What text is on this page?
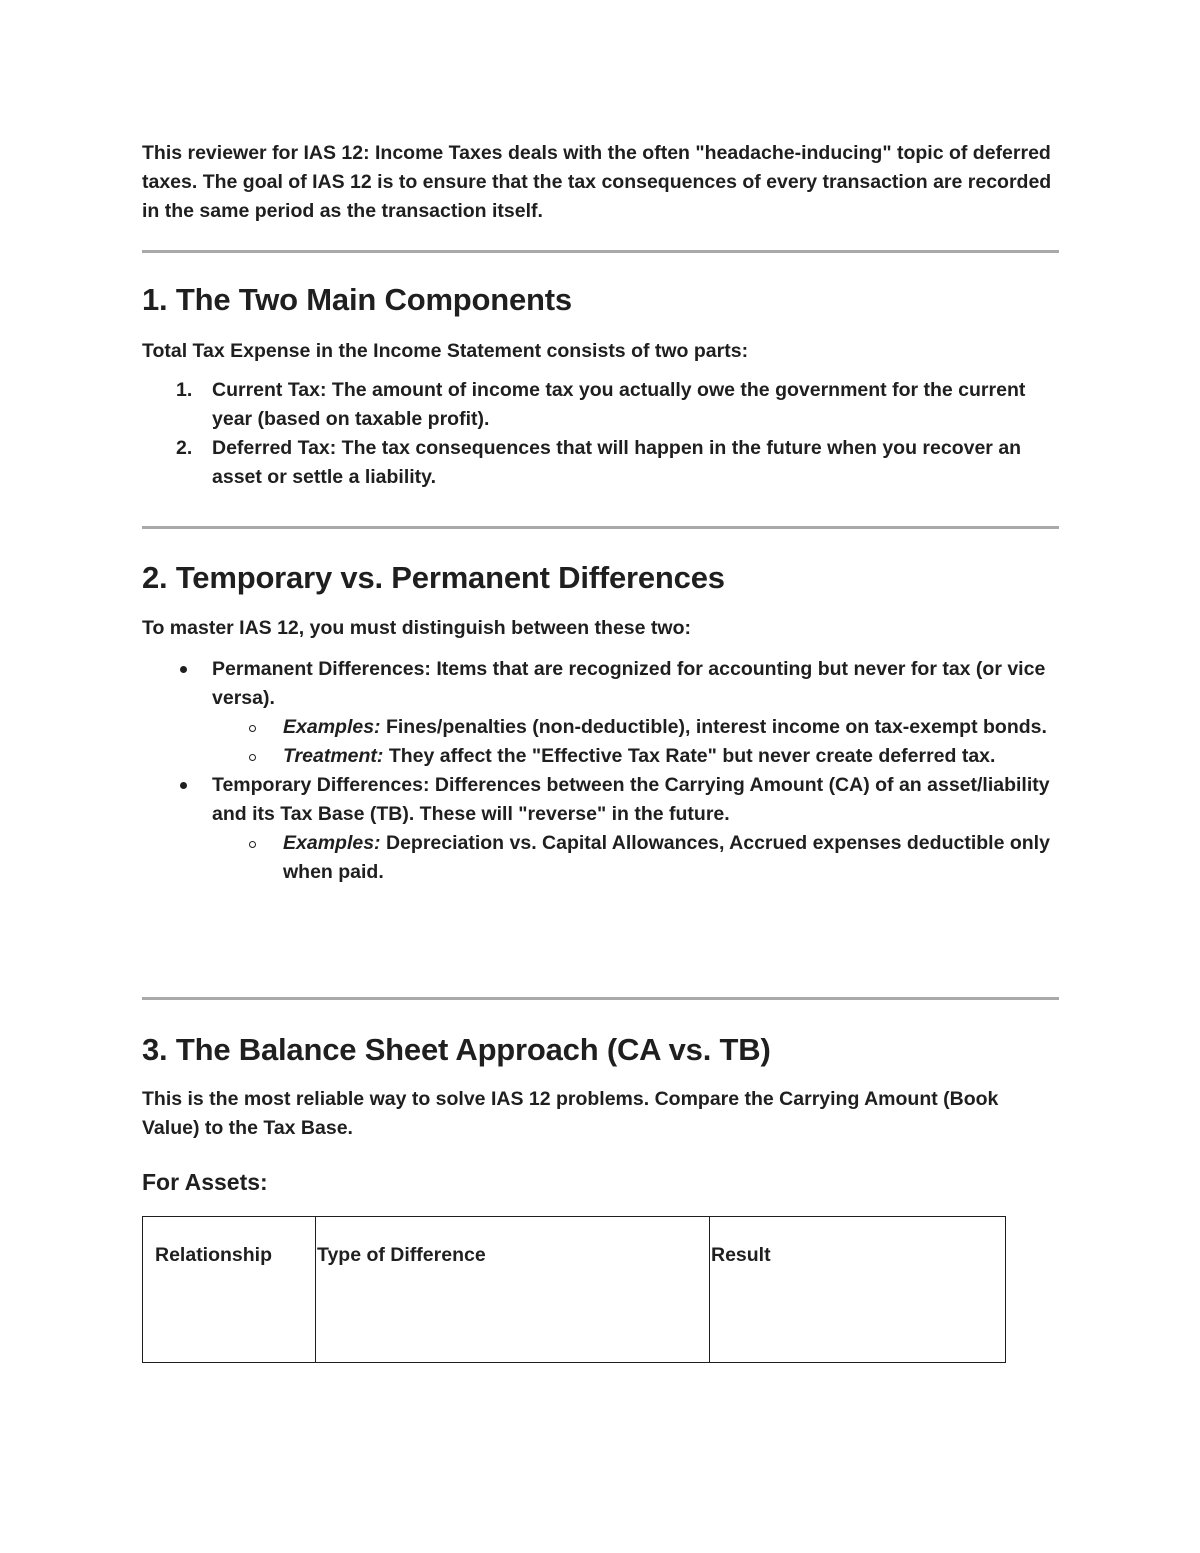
This reviewer for IAS 12: Income Taxes deals with the often "headache-inducing" topic of deferred taxes. The goal of IAS 12 is to ensure that the tax consequences of every transaction are recorded in the same period as the transaction itself.

1. The Two Main Components

Total Tax Expense in the Income Statement consists of two parts:

1. Current Tax: The amount of income tax you actually owe the government for the current year (based on taxable profit).
2. Deferred Tax: The tax consequences that will happen in the future when you recover an asset or settle a liability.
2. Temporary vs. Permanent Differences

To master IAS 12, you must distinguish between these two:

Permanent Differences: Items that are recognized for accounting but never for tax (or vice versa).
Examples: Fines/penalties (non-deductible), interest income on tax-exempt bonds.
Treatment: They affect the "Effective Tax Rate" but never create deferred tax.
Temporary Differences: Differences between the Carrying Amount (CA) of an asset/liability and its Tax Base (TB). These will "reverse" in the future.
Examples: Depreciation vs. Capital Allowances, Accrued expenses deductible only when paid.
3. The Balance Sheet Approach (CA vs. TB)

This is the most reliable way to solve IAS 12 problems. Compare the Carrying Amount (Book Value) to the Tax Base.

For Assets:
Relationship	Type of Difference	Result
